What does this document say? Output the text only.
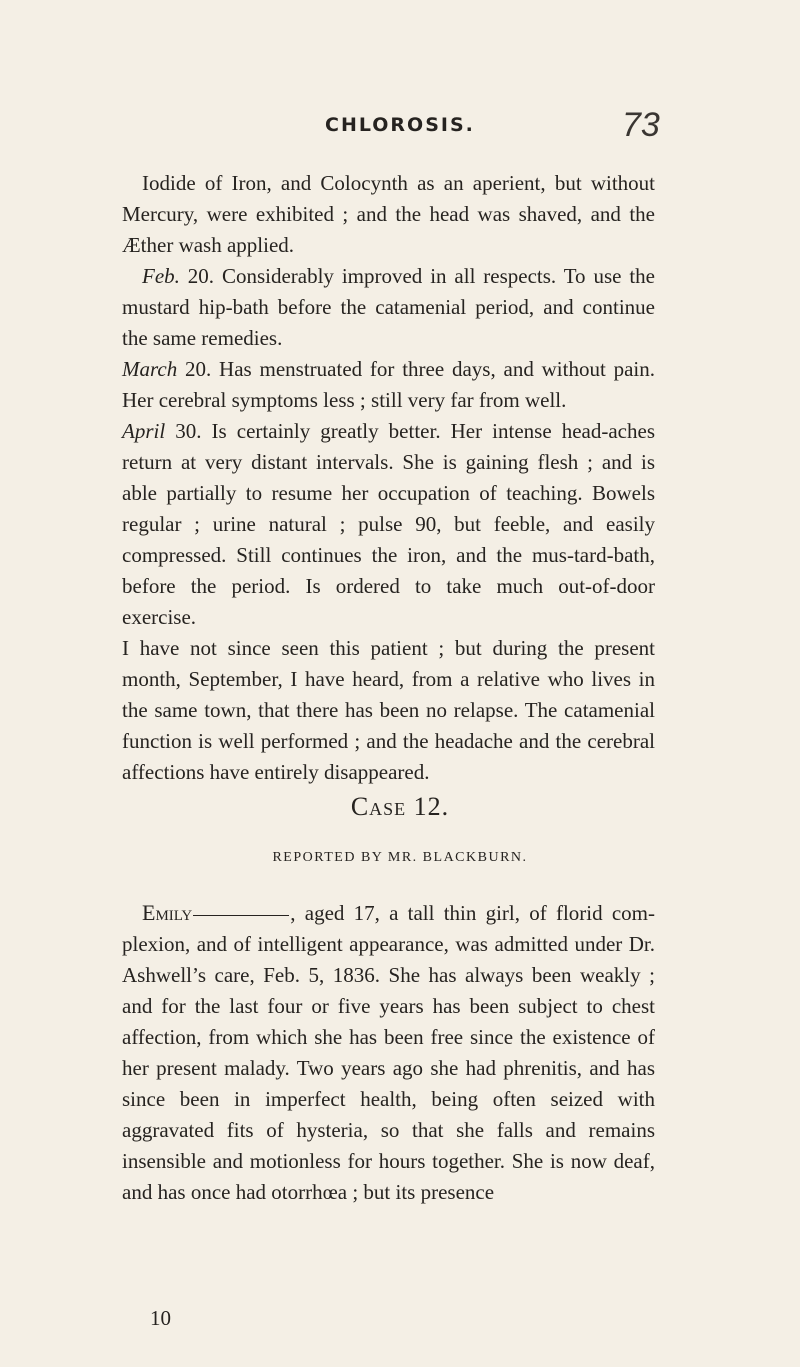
CHLOROSIS.	73

Iodide of Iron, and Colocynth as an aperient, but without Mercury, were exhibited ; and the head was shaved, and the Æther wash applied.

Feb. 20. Considerably improved in all respects. To use the mustard hip-bath before the catamenial period, and continue the same remedies.

March 20. Has menstruated for three days, and without pain. Her cerebral symptoms less ; still very far from well.

April 30. Is certainly greatly better. Her intense head-aches return at very distant intervals. She is gaining flesh ; and is able partially to resume her occupation of teaching. Bowels regular ; urine natural ; pulse 90, but feeble, and easily compressed. Still continues the iron, and the mus-tard-bath, before the period. Is ordered to take much out-of-door exercise.

I have not since seen this patient ; but during the present month, September, I have heard, from a relative who lives in the same town, that there has been no relapse. The catamenial function is well performed ; and the headache and the cerebral affections have entirely disappeared.

Case 12.
REPORTED BY MR. BLACKBURN.

Emily	, aged 17, a tall thin girl, of florid com-plexion, and of intelligent appearance, was admitted under Dr. Ashwell’s care, Feb. 5, 1836. She has always been weakly ; and for the last four or five years has been subject to chest affection, from which she has been free since the existence of her present malady. Two years ago she had phrenitis, and has since been in imperfect health, being often seized with aggravated fits of hysteria, so that she falls and remains insensible and motionless for hours together. She is now deaf, and has once had otorrhœa ; but its presence

10
